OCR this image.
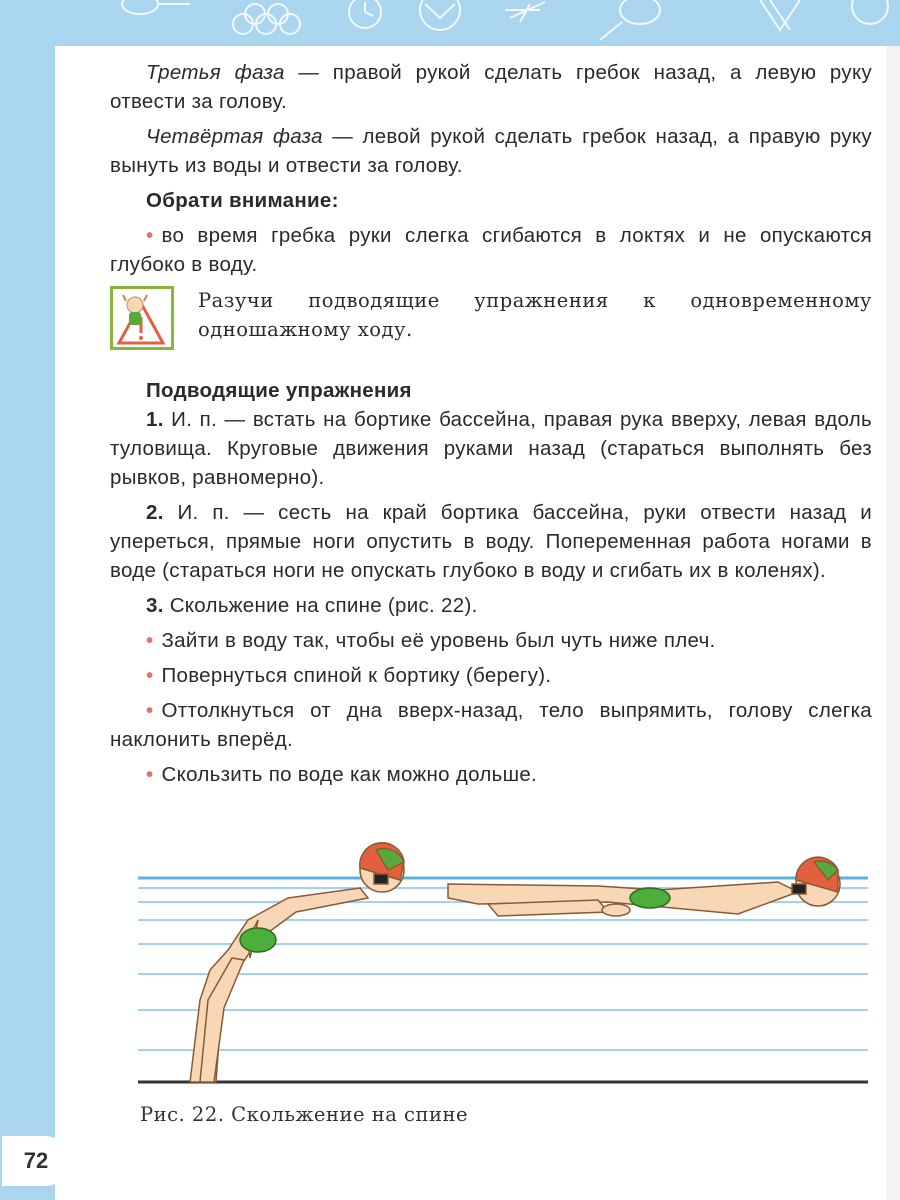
72

Третья фаза — правой рукой сделать гребок назад, а левую руку отвести за голову.

Четвёртая фаза — левой рукой сделать гребок назад, а правую руку вынуть из воды и отвести за голову.

Обрати внимание:

• во время гребка руки слегка сгибаются в локтях и не опускаются глубоко в воду.

Разучи подводящие упражнения к одновременному одношажному ходу.

Подводящие упражнения

1. И. п. — встать на бортике бассейна, правая рука вверху, левая вдоль туловища. Круговые движения руками назад (стараться выполнять без рывков, равномерно).

2. И. п. — сесть на край бортика бассейна, руки отвести назад и упереться, прямые ноги опустить в воду. Попеременная работа ногами в воде (стараться ноги не опускать глубоко в воду и сгибать их в коленях).

3. Скольжение на спине (рис. 22).

• Зайти в воду так, чтобы её уровень был чуть ниже плеч.

• Повернуться спиной к бортику (берегу).

• Оттолкнуться от дна вверх-назад, тело выпрямить, голову слегка наклонить вперёд.

• Скользить по воде как можно дольше.

Рис. 22. Скольжение на спине
